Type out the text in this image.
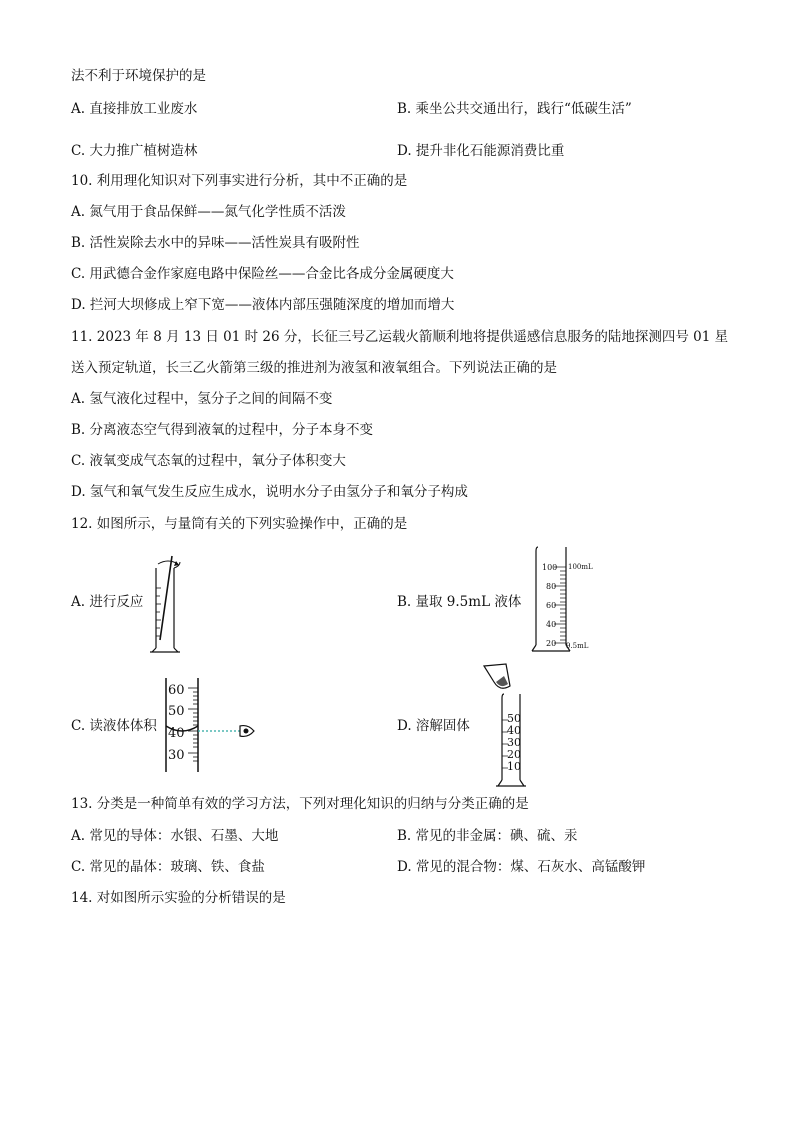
法不利于环境保护的是
A. 直接排放工业废水	B. 乘坐公共交通出行，践行“低碳生活”
C. 大力推广植树造林	D. 提升非化石能源消费比重
10. 利用理化知识对下列事实进行分析，其中不正确的是
A. 氮气用于食品保鲜——氮气化学性质不活泼
B. 活性炭除去水中的异味——活性炭具有吸附性
C. 用武德合金作家庭电路中保险丝——合金比各成分金属硬度大
D. 拦河大坝修成上窄下宽——液体内部压强随深度的增加而增大
11. 2023 年 8 月 13 日 01 时 26 分，长征三号乙运载火箭顺利地将提供遥感信息服务的陆地探测四号 01 星
送入预定轨道，长三乙火箭第三级的推进剂为液氢和液氧组合。下列说法正确的是
A. 氢气液化过程中，氢分子之间的间隔不变
B. 分离液态空气得到液氧的过程中，分子本身不变
C. 液氧变成气态氧的过程中，氧分子体积变大
D. 氢气和氧气发生反应生成水，说明水分子由氢分子和氧分子构成
12. 如图所示，与量筒有关的下列实验操作中，正确的是
A. 进行反应	B. 量取 9.5mL 液体
C. 读液体体积	D. 溶解固体
100
80
60
40
20
100mL
9.5mL
60
50
40
30
50
40
30
20
10
13. 分类是一种简单有效的学习方法，下列对理化知识的归纳与分类正确的是
A. 常见的导体：水银、石墨、大地	B. 常见的非金属：碘、硫、汞
C. 常见的晶体：玻璃、铁、食盐	D. 常见的混合物：煤、石灰水、高锰酸钾
14. 对如图所示实验的分析错误的是
